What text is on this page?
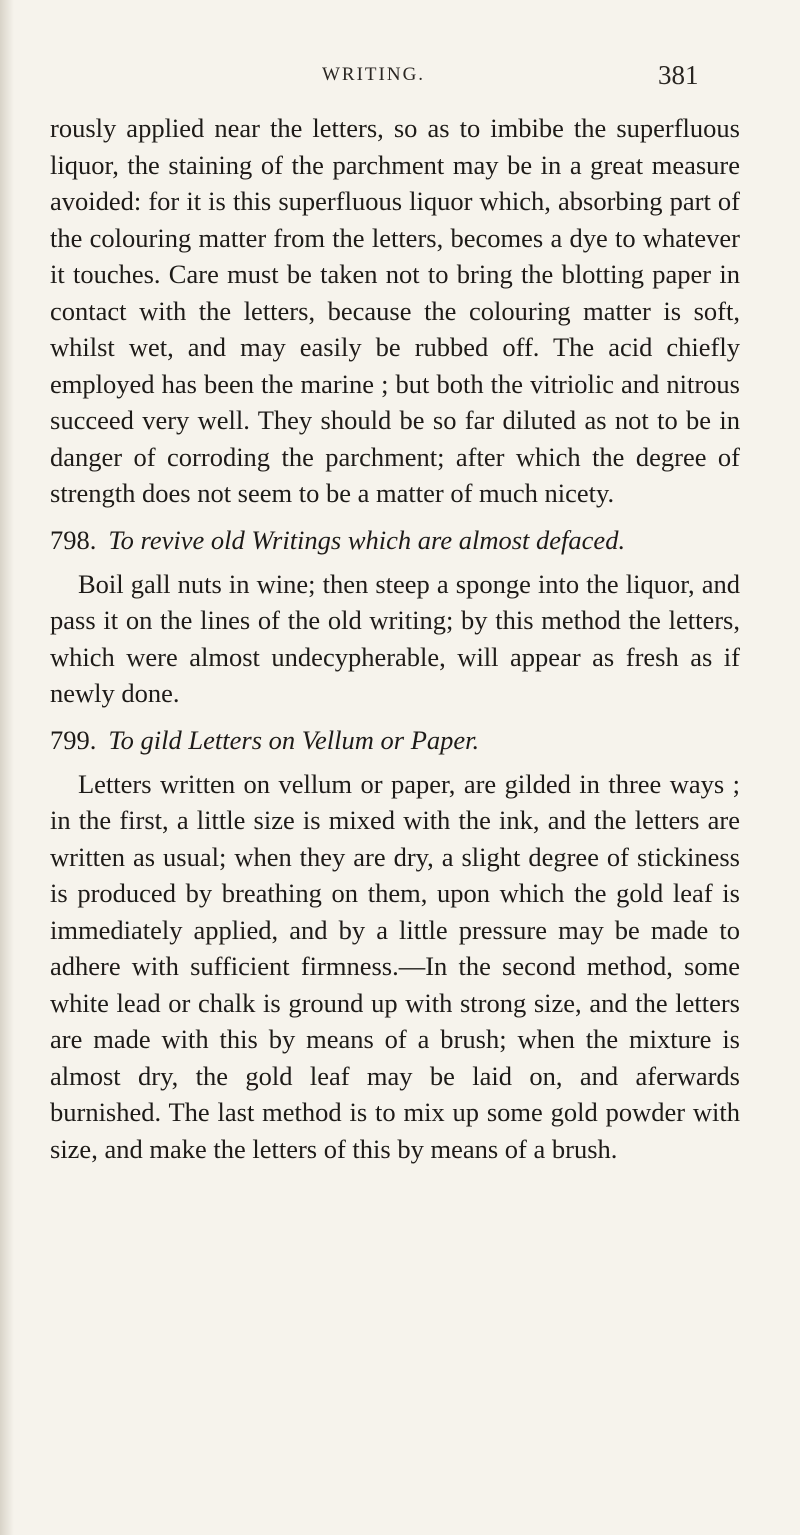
WRITING.	381

rously applied near the letters, so as to imbibe the superfluous liquor, the staining of the parchment may be in a great measure avoided: for it is this superfluous liquor which, absorbing part of the colouring matter from the letters, becomes a dye to whatever it touches. Care must be taken not to bring the blotting paper in contact with the letters, because the colouring matter is soft, whilst wet, and may easily be rubbed off. The acid chiefly employed has been the marine ; but both the vitriolic and nitrous succeed very well. They should be so far diluted as not to be in danger of corroding the parchment; after which the degree of strength does not seem to be a matter of much nicety.

798. To revive old Writings which are almost defaced.

Boil gall nuts in wine; then steep a sponge into the liquor, and pass it on the lines of the old writing; by this method the letters, which were almost undecypherable, will appear as fresh as if newly done.

799. To gild Letters on Vellum or Paper.

Letters written on vellum or paper, are gilded in three ways ; in the first, a little size is mixed with the ink, and the letters are written as usual; when they are dry, a slight degree of stickiness is produced by breathing on them, upon which the gold leaf is immediately applied, and by a little pressure may be made to adhere with sufficient firmness.—In the second method, some white lead or chalk is ground up with strong size, and the letters are made with this by means of a brush; when the mixture is almost dry, the gold leaf may be laid on, and aferwards burnished. The last method is to mix up some gold powder with size, and make the letters of this by means of a brush.
